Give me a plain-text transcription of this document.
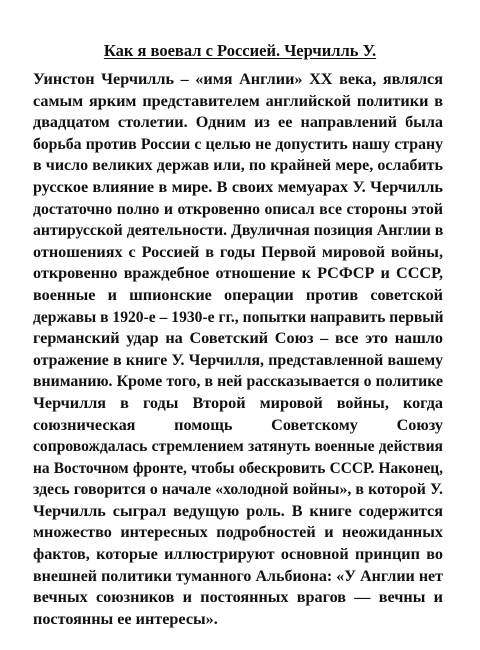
Как я воевал с Россией. Черчилль У.
Уинстон Черчилль – «имя Англии» XX века, являлся
самым ярким представителем английской политики в
двадцатом столетии. Одним из ее направлений была
борьба против России с целью не допустить нашу страну
в число великих держав или, по крайней мере, ослабить
русское влияние в мире. В своих мемуарах У. Черчилль
достаточно полно и откровенно описал все стороны этой
антирусской деятельности. Двуличная позиция Англии в
отношениях с Россией в годы Первой мировой войны,
откровенно враждебное отношение к РСФСР и СССР,
военные и шпионские операции против советской
державы в 1920-е – 1930-е гг., попытки направить первый
германский удар на Советский Союз – все это нашло
отражение в книге У. Черчилля, представленной вашему
вниманию. Кроме того, в ней рассказывается о политике
Черчилля в годы Второй мировой войны, когда
союзническая помощь Советскому Союзу
сопровождалась стремлением затянуть военные действия
на Восточном фронте, чтобы обескровить СССР. Наконец,
здесь говорится о начале «холодной войны», в которой У.
Черчилль сыграл ведущую роль. В книге содержится
множество интересных подробностей и неожиданных
фактов, которые иллюстрируют основной принцип во
внешней политики туманного Альбиона: «У Англии нет
вечных союзников и постоянных врагов — вечны и
постоянны ее интересы».
